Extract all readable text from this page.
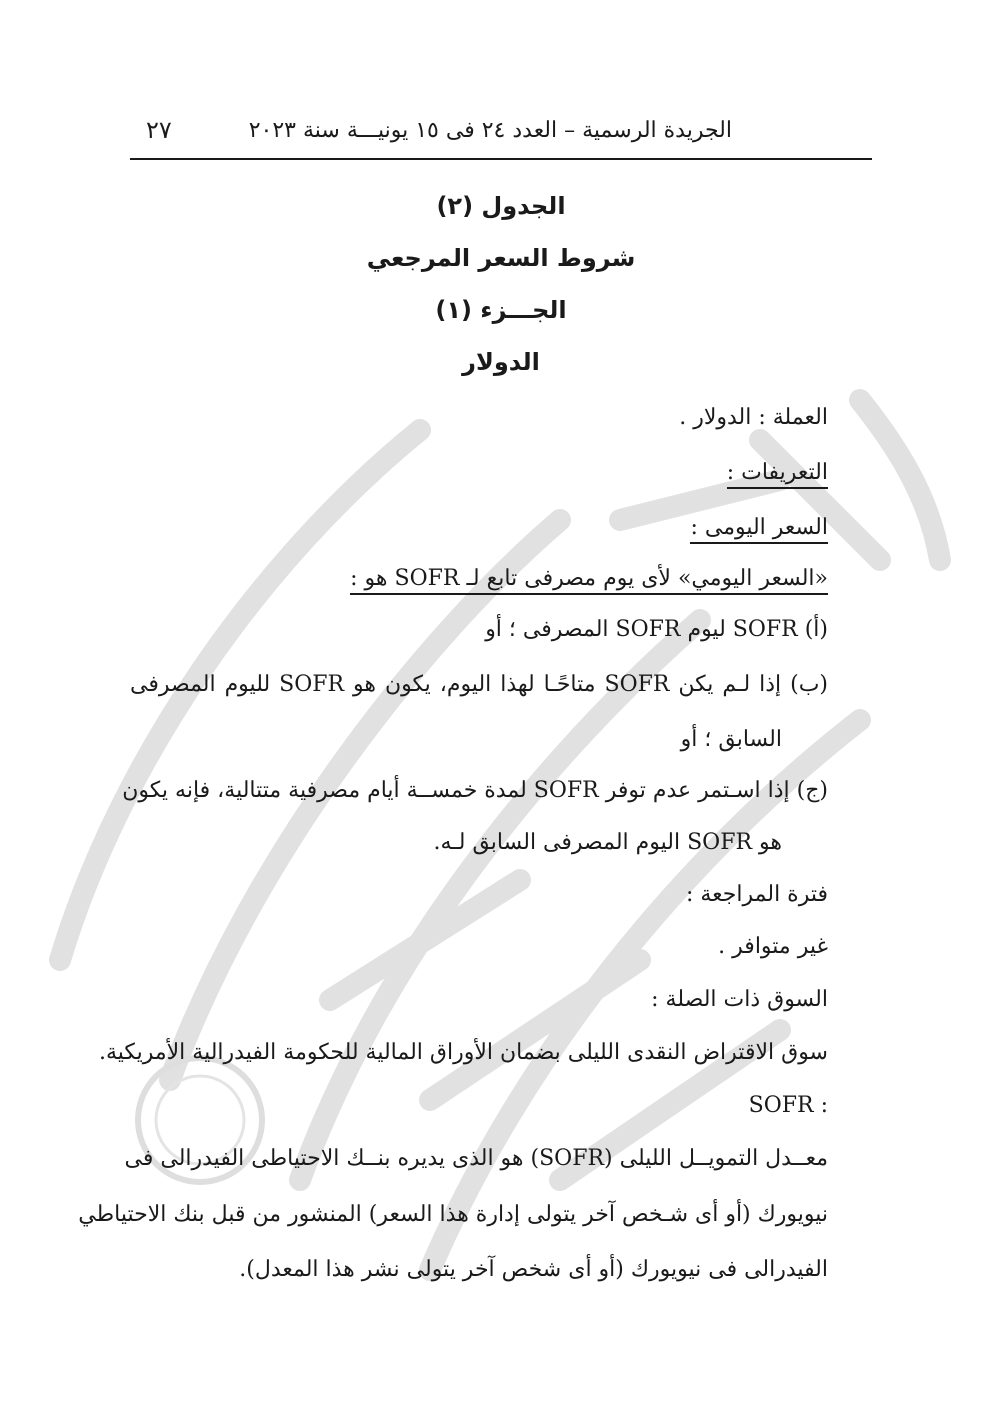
الجريدة الرسمية – العدد ٢٤ فى ١٥ يونيـــة سنة ٢٠٢٣
٢٧
الجدول (٢)
شروط السعر المرجعي
الجـــزء (١)
الدولار
العملة : الدولار .
التعريفات :
السعر اليومى :
«السعر اليومي» لأى يوم مصرفى تابع لـ SOFR هو :
(أ) SOFR ليوم SOFR المصرفى ؛ أو
(ب) إذا لـم يكن SOFR متاحًـا لهذا اليوم، يكون هو SOFR لليوم المصرفى
السابق ؛ أو
(ج) إذا اسـتمر عدم توفر SOFR لمدة خمســة أيام مصرفية متتالية، فإنه يكون
هو SOFR اليوم المصرفى السابق لـه.
فترة المراجعة :
غير متوافر .
السوق ذات الصلة :
سوق الاقتراض النقدى الليلى بضمان الأوراق المالية للحكومة الفيدرالية الأمريكية.
: SOFR
معــدل التمويــل الليلى (SOFR) هو الذى يديره بنــك الاحتياطى الفيدرالى فى
نيويورك (أو أى شـخص آخر يتولى إدارة هذا السعر) المنشور من قبل بنك الاحتياطي
الفيدرالى فى نيويورك (أو أى شخص آخر يتولى نشر هذا المعدل).
